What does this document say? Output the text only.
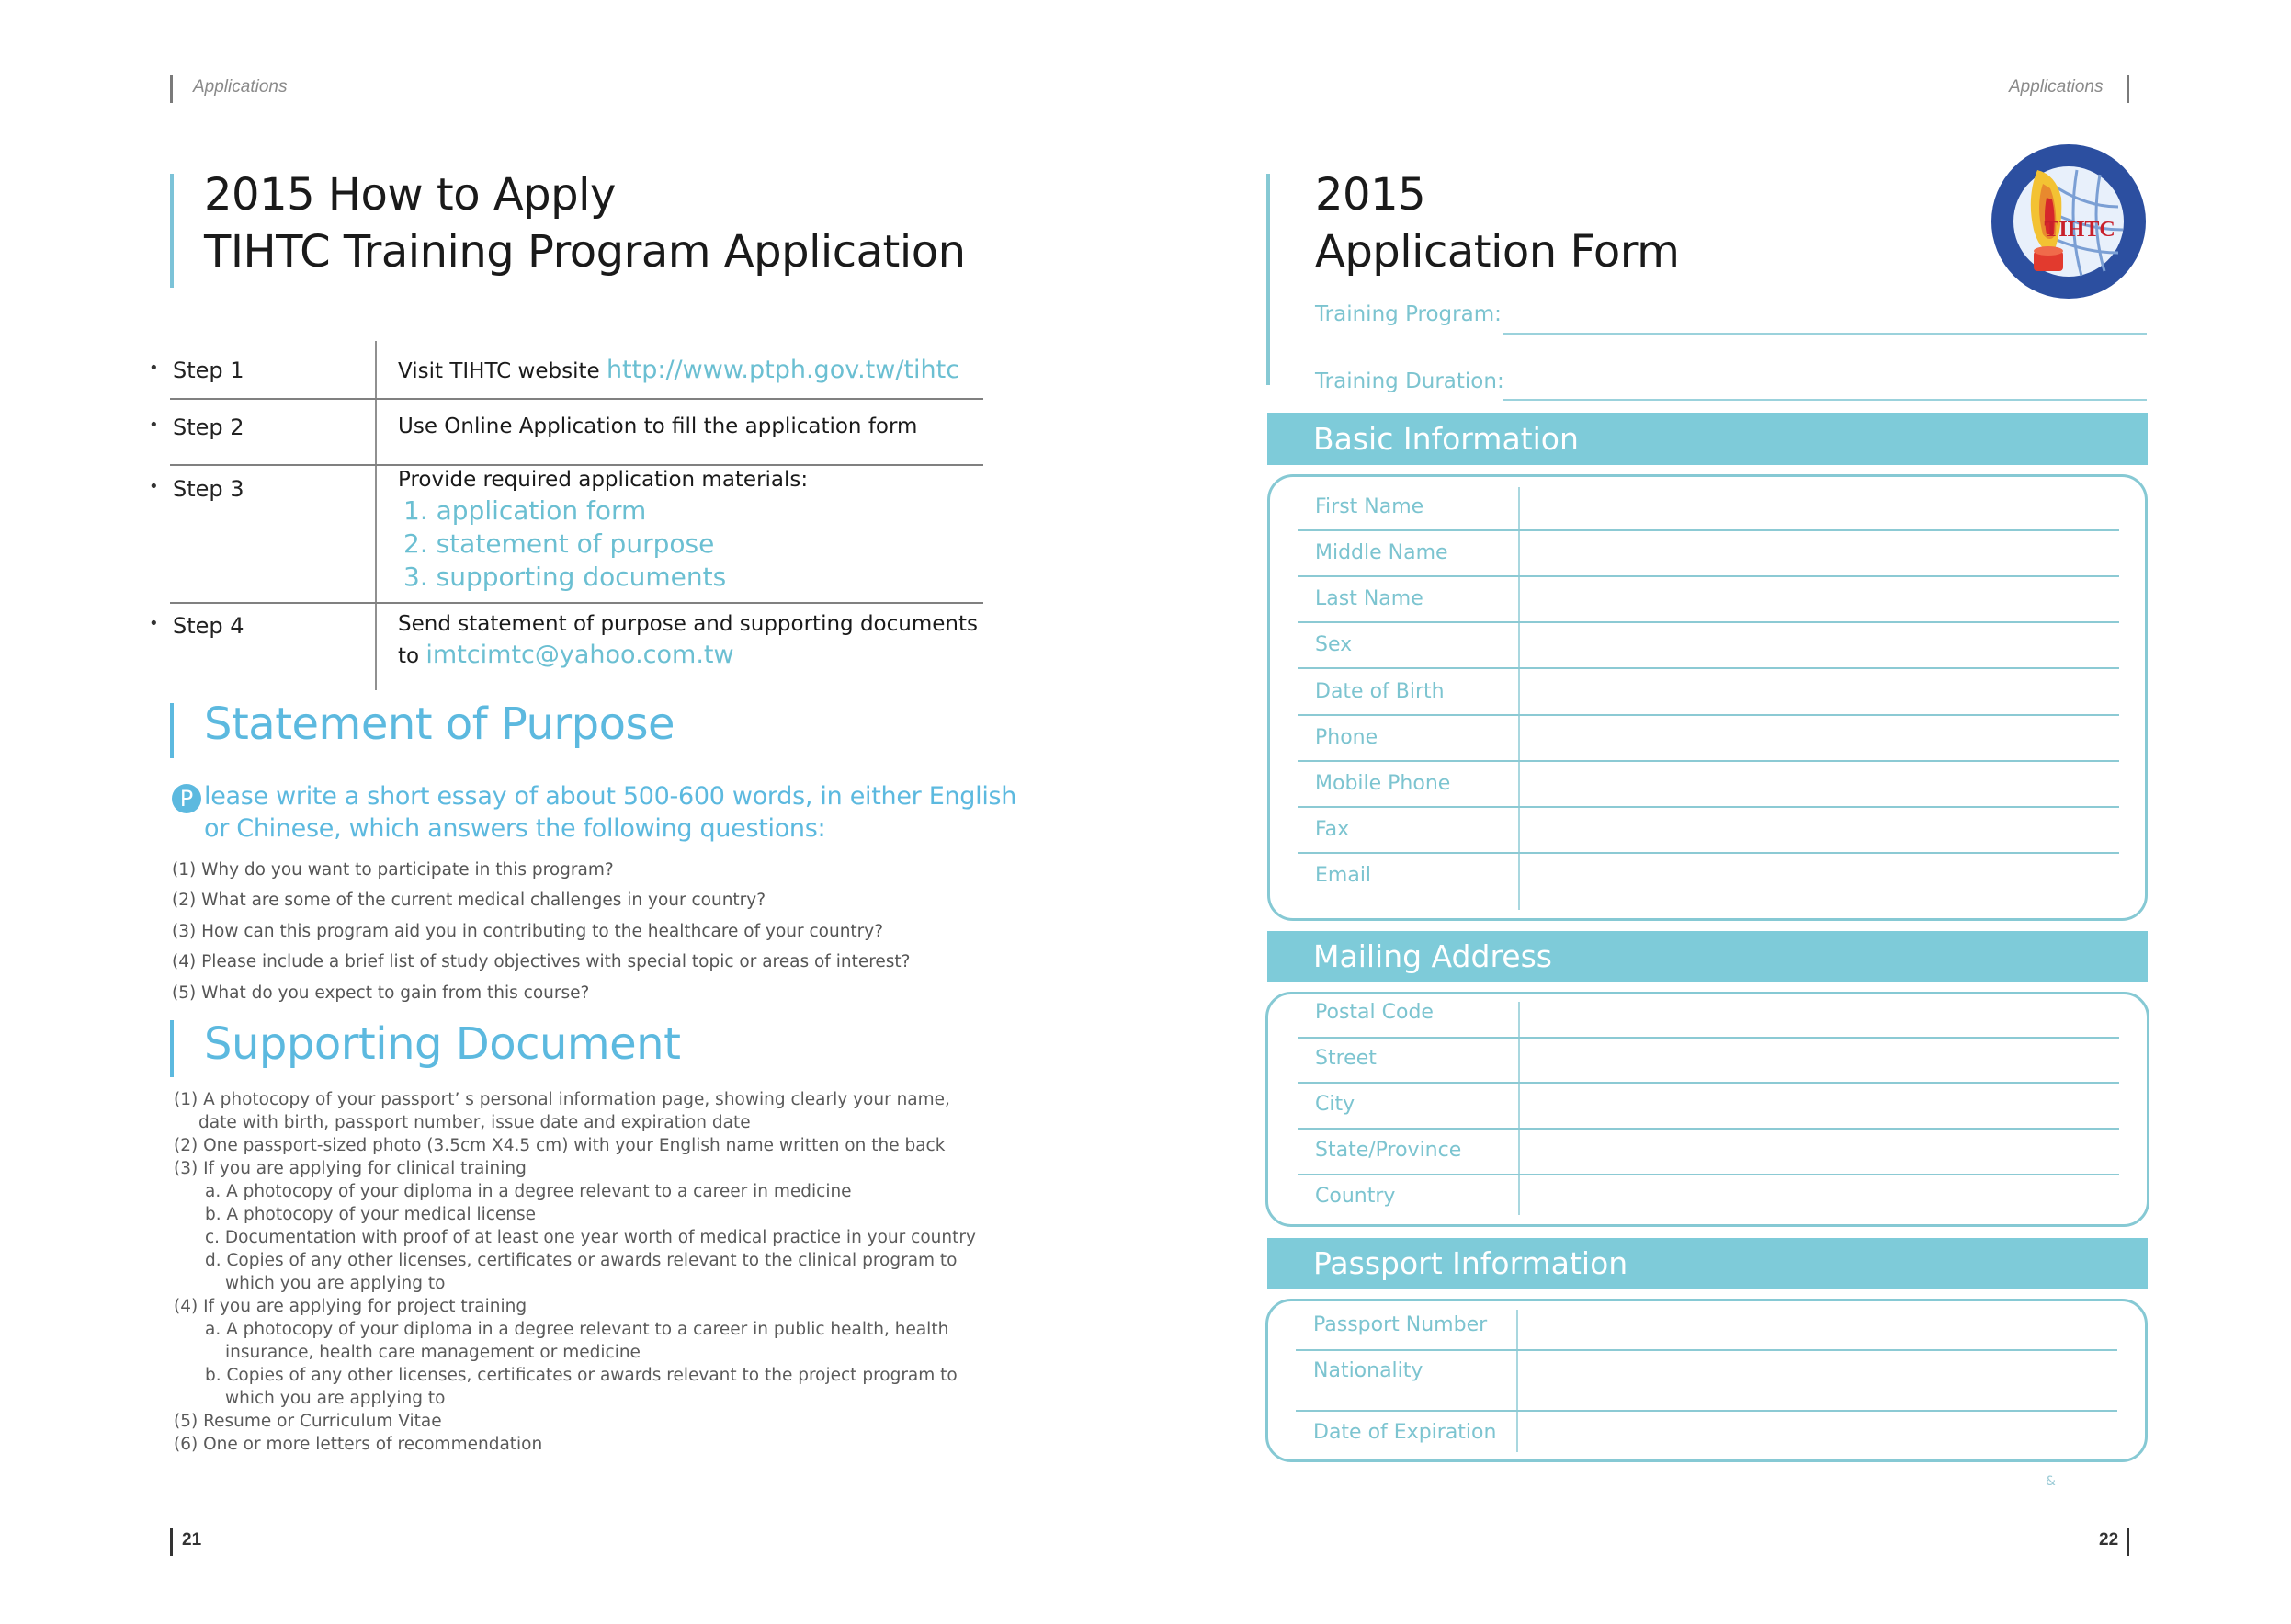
Applications
2015 How to Apply
TIHTC Training Program Application
• Step 1	Visit TIHTC website http://www.ptph.gov.tw/tihtc
• Step 2	Use Online Application to fill the application form
• Step 3	Provide required application materials:
1. application form
2. statement of purpose
3. supporting documents
• Step 4	Send statement of purpose and supporting documents
to imtcimtc@yahoo.com.tw
Statement of Purpose
P lease write a short essay of about 500-600 words, in either English
or Chinese, which answers the following questions:
(1) Why do you want to participate in this program?
(2) What are some of the current medical challenges in your country?
(3) How can this program aid you in contributing to the healthcare of your country?
(4) Please include a brief list of study objectives with special topic or areas of interest?
(5) What do you expect to gain from this course?
Supporting Document
(1) A photocopy of your passport’ s personal information page, showing clearly your name,
date with birth, passport number, issue date and expiration date
(2) One passport-sized photo (3.5cm X4.5 cm) with your English name written on the back
(3) If you are applying for clinical training
a. A photocopy of your diploma in a degree relevant to a career in medicine
b. A photocopy of your medical license
c. Documentation with proof of at least one year worth of medical practice in your country
d. Copies of any other licenses, certificates or awards relevant to the clinical program to
which you are applying to
(4) If you are applying for project training
a. A photocopy of your diploma in a degree relevant to a career in public health, health
insurance, health care management or medicine
b. Copies of any other licenses, certificates or awards relevant to the project program to
which you are applying to
(5) Resume or Curriculum Vitae
(6) One or more letters of recommendation
21
Applications
2015
Application Form	TIHTC
Training Program:
Training Duration:
Basic Information
First Name
Middle Name
Last Name
Sex
Date of Birth
Phone
Mobile Phone
Fax
Email
Mailing Address
Postal Code
Street
City
State/Province
Country
Passport Information
Passport Number
Nationality
Date of Expiration
&
22
